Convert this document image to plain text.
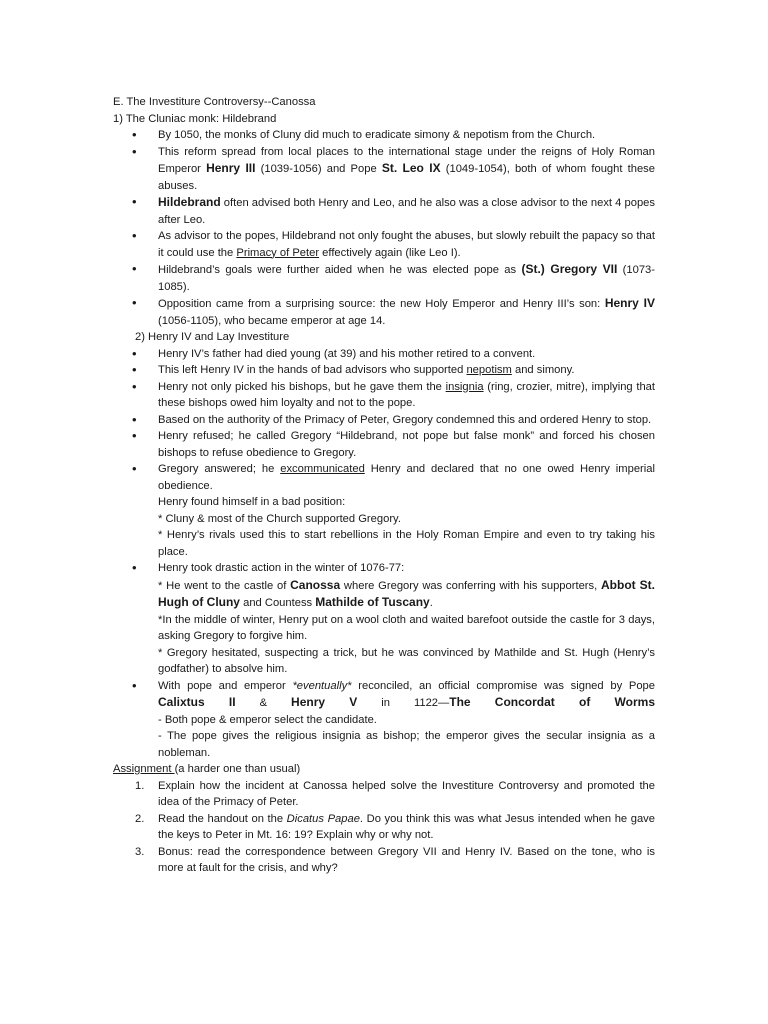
E. The Investiture Controversy--Canossa

1) The Cluniac monk: Hildebrand

• By 1050, the monks of Cluny did much to eradicate simony & nepotism from the Church.
• This reform spread from local places to the international stage under the reigns of Holy Roman Emperor Henry III (1039-1056) and Pope St. Leo IX (1049-1054), both of whom fought these abuses.
• Hildebrand often advised both Henry and Leo, and he also was a close advisor to the next 4 popes after Leo.
• As advisor to the popes, Hildebrand not only fought the abuses, but slowly rebuilt the papacy so that it could use the Primacy of Peter effectively again (like Leo I).
• Hildebrand’s goals were further aided when he was elected pope as (St.) Gregory VII (1073-1085).
• Opposition came from a surprising source: the new Holy Emperor and Henry III’s son: Henry IV (1056-1105), who became emperor at age 14.

2) Henry IV and Lay Investiture

• Henry IV’s father had died young (at 39) and his mother retired to a convent.
• This left Henry IV in the hands of bad advisors who supported nepotism and simony.
• Henry not only picked his bishops, but he gave them the insignia (ring, crozier, mitre), implying that these bishops owed him loyalty and not to the pope.
• Based on the authority of the Primacy of Peter, Gregory condemned this and ordered Henry to stop.
• Henry refused; he called Gregory “Hildebrand, not pope but false monk” and forced his chosen bishops to refuse obedience to Gregory.
• Gregory answered; he excommunicated Henry and declared that no one owed Henry imperial obedience.
Henry found himself in a bad position:
* Cluny & most of the Church supported Gregory.
* Henry’s rivals used this to start rebellions in the Holy Roman Empire and even to try taking his place.
• Henry took drastic action in the winter of 1076-77:
* He went to the castle of Canossa where Gregory was conferring with his supporters, Abbot St. Hugh of Cluny and Countess Mathilde of Tuscany.
*In the middle of winter, Henry put on a wool cloth and waited barefoot outside the castle for 3 days, asking Gregory to forgive him.
* Gregory hesitated, suspecting a trick, but he was convinced by Mathilde and St. Hugh (Henry’s godfather) to absolve him.
• With pope and emperor *eventually* reconciled, an official compromise was signed by Pope Calixtus II & Henry V in 1122—The Concordat of Worms
- Both pope & emperor select the candidate.
- The pope gives the religious insignia as bishop; the emperor gives the secular insignia as a nobleman.

Assignment (a harder one than usual)

1. Explain how the incident at Canossa helped solve the Investiture Controversy and promoted the idea of the Primacy of Peter.
2. Read the handout on the Dicatus Papae. Do you think this was what Jesus intended when he gave the keys to Peter in Mt. 16: 19? Explain why or why not.
3. Bonus: read the correspondence between Gregory VII and Henry IV. Based on the tone, who is more at fault for the crisis, and why?
